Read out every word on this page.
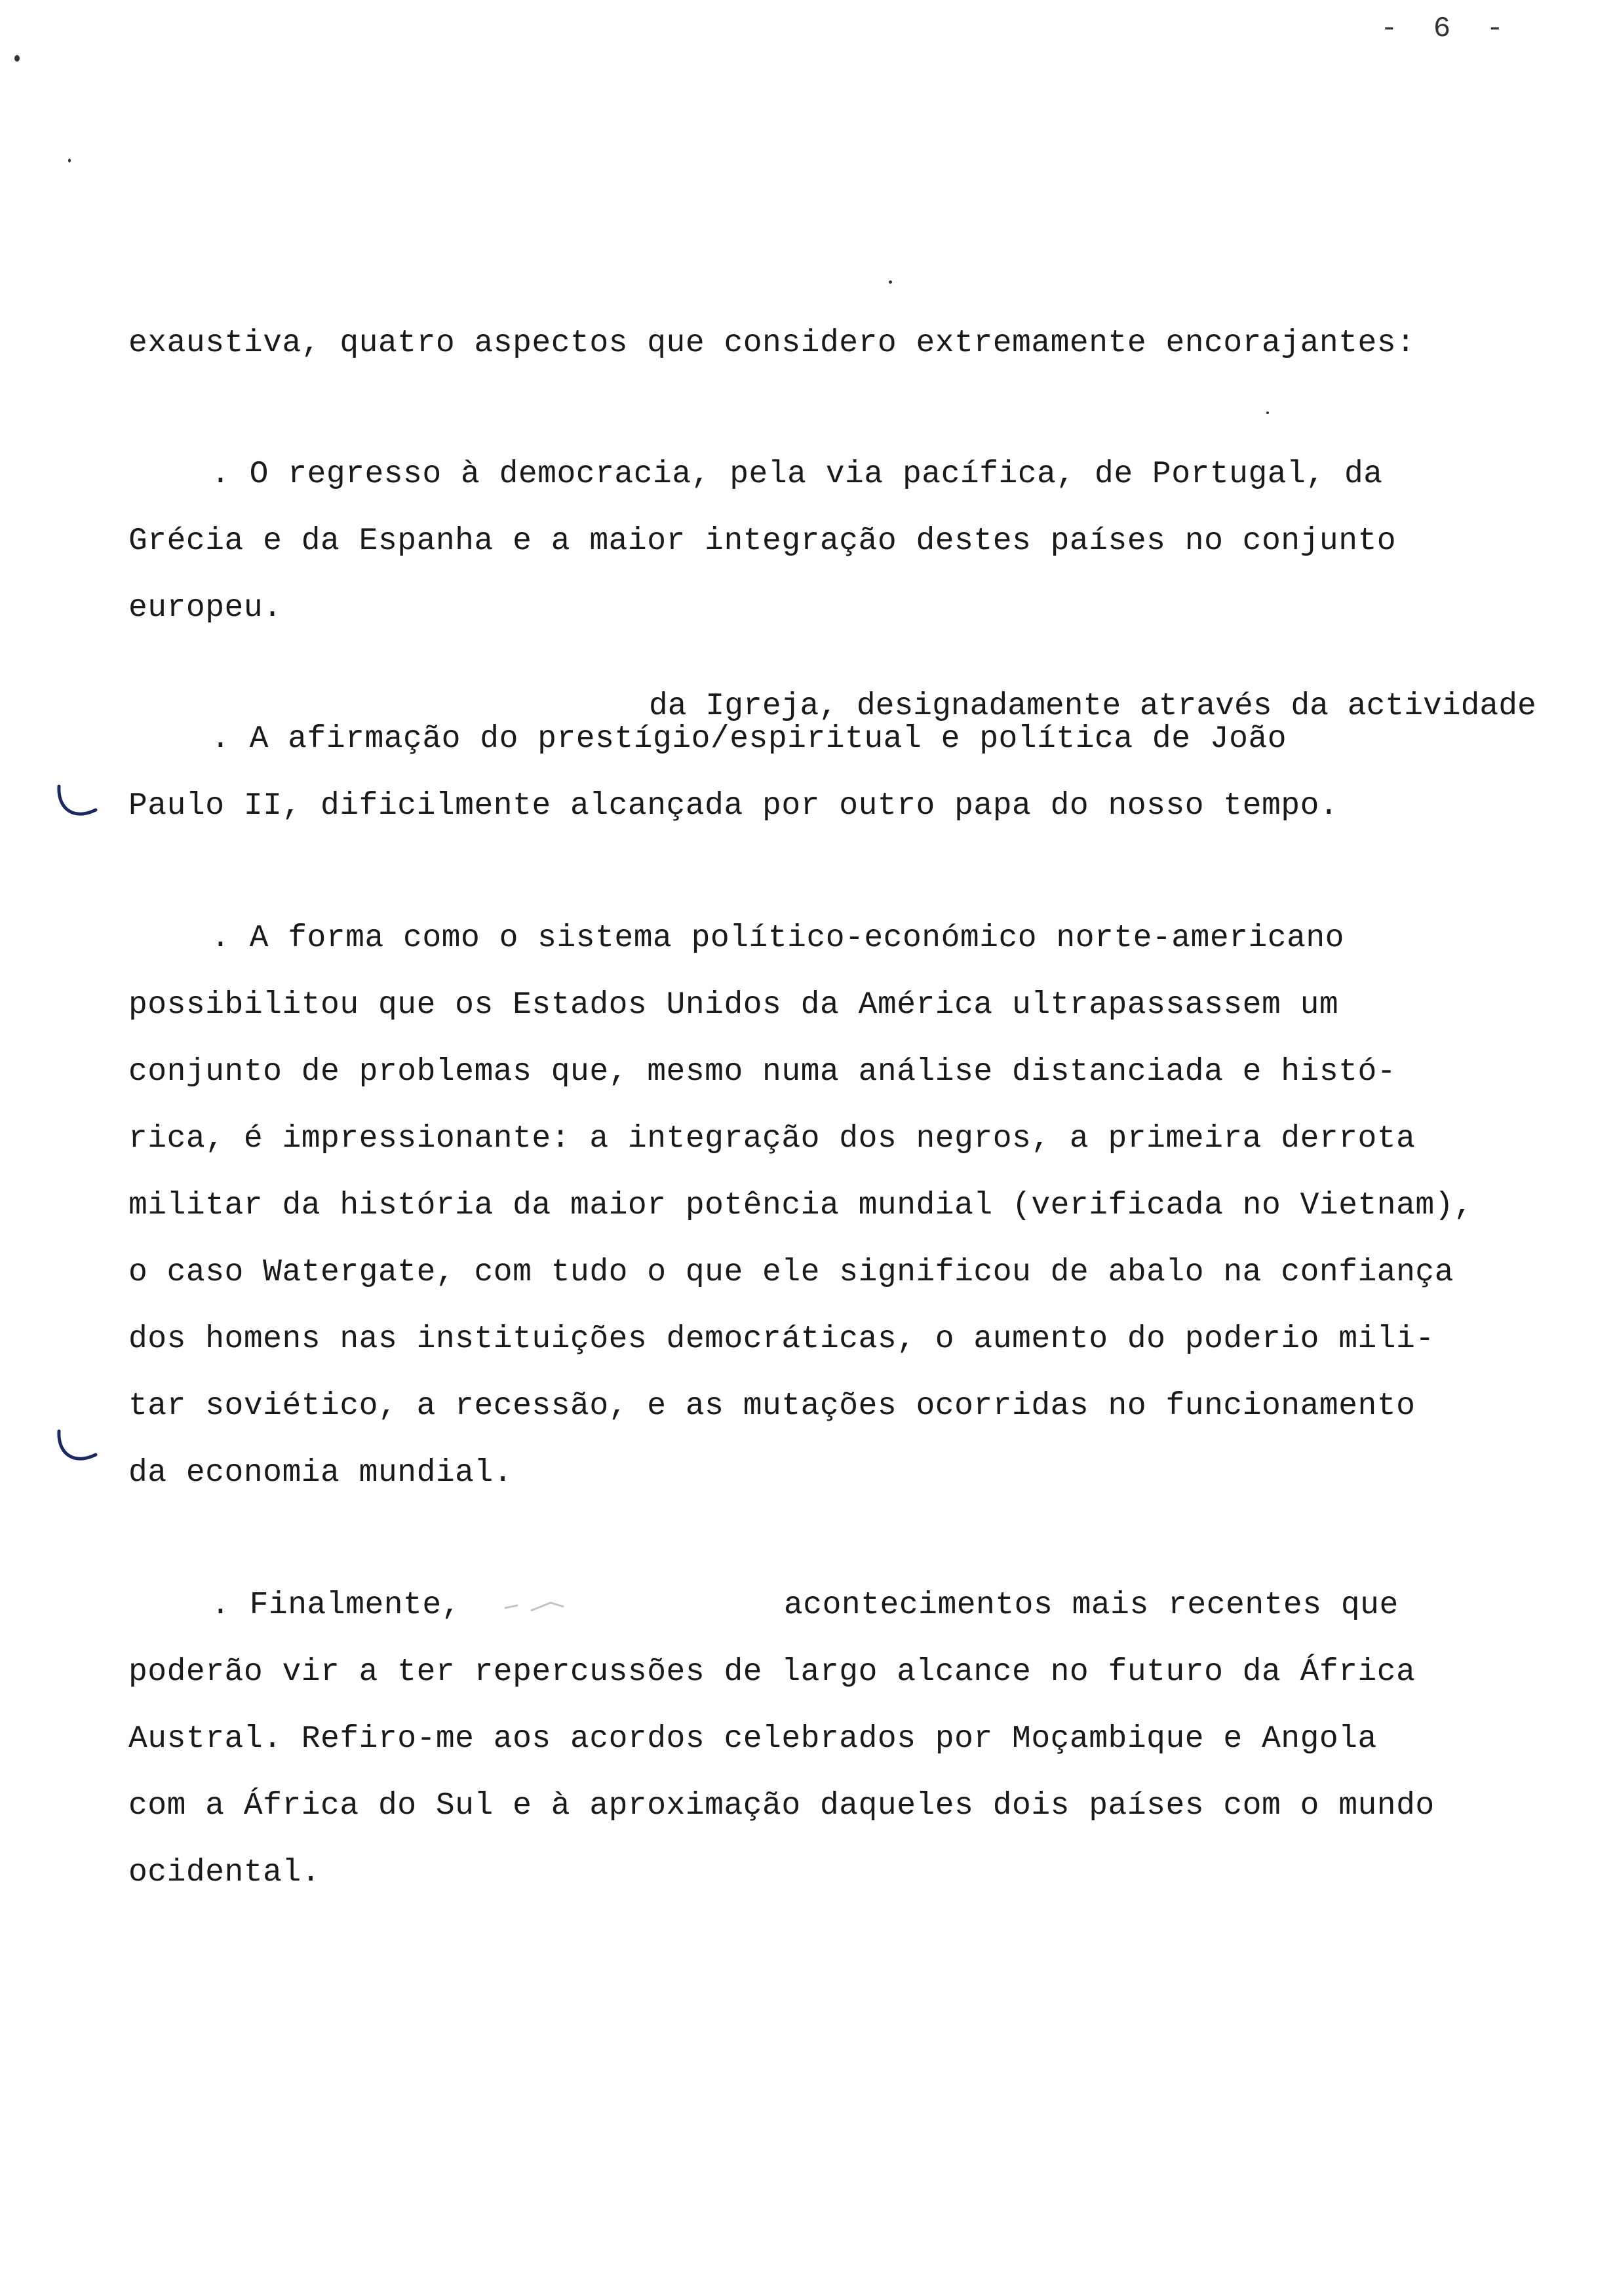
- 6 -
exaustiva, quatro aspectos que considero extremamente encorajantes:
. O regresso à democracia, pela via pacífica, de Portugal, da
Grécia e da Espanha e a maior integração destes países no conjunto
europeu.
da Igreja, designadamente através da actividade
. A afirmação do prestígio/espiritual e política de João
Paulo II, dificilmente alcançada por outro papa do nosso tempo.
. A forma como o sistema político-económico norte-americano
possibilitou que os Estados Unidos da América ultrapassassem um
conjunto de problemas que, mesmo numa análise distanciada e histó-
rica, é impressionante: a integração dos negros, a primeira derrota
militar da história da maior potência mundial (verificada no Vietnam),
o caso Watergate, com tudo o que ele significou de abalo na confiança
dos homens nas instituições democráticas, o aumento do poderio mili-
tar soviético, a recessão, e as mutações ocorridas no funcionamento
da economia mundial.
. Finalmente,	acontecimentos mais recentes que
poderão vir a ter repercussões de largo alcance no futuro da África
Austral. Refiro-me aos acordos celebrados por Moçambique e Angola
com a África do Sul e à aproximação daqueles dois países com o mundo
ocidental.
